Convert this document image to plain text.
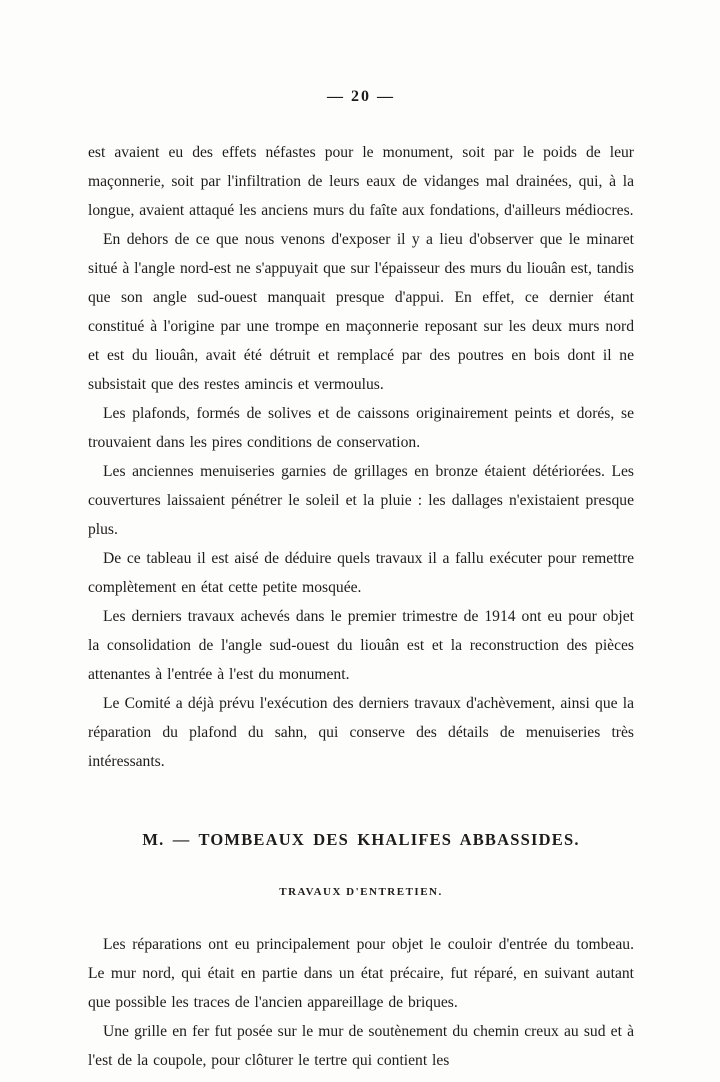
— 20 —

est avaient eu des effets néfastes pour le monument, soit par le poids de leur maçonnerie, soit par l'infiltration de leurs eaux de vidanges mal drainées, qui, à la longue, avaient attaqué les anciens murs du faîte aux fondations, d'ailleurs médiocres.

En dehors de ce que nous venons d'exposer il y a lieu d'observer que le minaret situé à l'angle nord-est ne s'appuyait que sur l'épaisseur des murs du liouân est, tandis que son angle sud-ouest manquait presque d'appui. En effet, ce dernier étant constitué à l'origine par une trompe en maçonnerie reposant sur les deux murs nord et est du liouân, avait été détruit et remplacé par des poutres en bois dont il ne subsistait que des restes amincis et vermoulus.

Les plafonds, formés de solives et de caissons originairement peints et dorés, se trouvaient dans les pires conditions de conservation.

Les anciennes menuiseries garnies de grillages en bronze étaient détériorées. Les couvertures laissaient pénétrer le soleil et la pluie : les dallages n'existaient presque plus.

De ce tableau il est aisé de déduire quels travaux il a fallu exécuter pour remettre complètement en état cette petite mosquée.

Les derniers travaux achevés dans le premier trimestre de 1914 ont eu pour objet la consolidation de l'angle sud-ouest du liouân est et la reconstruction des pièces attenantes à l'entrée à l'est du monument.

Le Comité a déjà prévu l'exécution des derniers travaux d'achèvement, ainsi que la réparation du plafond du sahn, qui conserve des détails de menuiseries très intéressants.

M. — TOMBEAUX DES KHALIFES ABBASSIDES.
TRAVAUX D'ENTRETIEN.

Les réparations ont eu principalement pour objet le couloir d'entrée du tombeau. Le mur nord, qui était en partie dans un état précaire, fut réparé, en suivant autant que possible les traces de l'ancien appareillage de briques.

Une grille en fer fut posée sur le mur de soutènement du chemin creux au sud et à l'est de la coupole, pour clôturer le tertre qui contient les
